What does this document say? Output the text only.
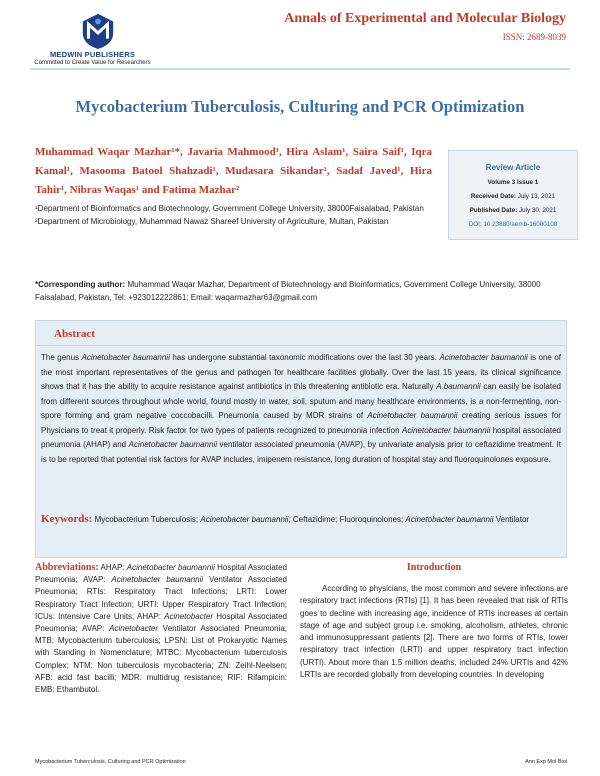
MEDWIN PUBLISHERS
Committed to Create Value for Researchers
Annals of Experimental and Molecular Biology
ISSN: 2689-8039
Mycobacterium Tuberculosis, Culturing and PCR Optimization
Muhammad Waqar Mazhar¹*, Javaria Mahmood¹, Hira Aslam¹, Saira Saif¹, Iqra Kamal¹, Masooma Batool Shahzadi¹, Mudasara Sikandar¹, Sadaf Javed¹, Hira Tahir¹, Nibras Waqas¹ and Fatima Mazhar²

¹Department of Bioinformatics and Biotechnology, Government College University, 38000Faisalabad, Pakistan

²Department of Microbiology, Muhammad Nawaz Shareef University of Agriculture, Multan, Pakistan

Review Article
Volume 3 Issue 1
Received Date: July 13, 2021
Published Date: July 30, 2021
DOI: 10.23880/aemb-16000108
*Corresponding author: Muhammad Waqar Mazhar, Department of Biotechnology and Bioinformatics, Government College University, 38000 Faisalabad, Pakistan, Tel: +923012222861; Email: waqarmazhar63@gmail.com
Abstract
The genus Acinetobacter baumannii has undergone substantial taxonomic modifications over the last 30 years. Acinetobacter baumannii is one of the most important representatives of the genus and pathogen for healthcare facilities globally. Over the last 15 years, its clinical significance shows that it has the ability to acquire resistance against antibiotics in this threatening antibiotic era. Naturally A.baumannii can easily be isolated from different sources throughout whole world, found mostly in water, soil, sputum and many healthcare environments, is a non-fermenting, non-spore forming and gram negative coccobacilli. Pneumonia caused by MDR strains of Acinetobacter baumannii creating serious issues for Physicians to treat it properly. Risk factor for two types of patients recognized to pneumonia infection Acinetobacter baumannii hospital associated pneumonia (AHAP) and Acinetobacter baumannii ventilator associated pneumonia (AVAP), by univariate analysis prior to ceftazidime treatment. It is to be reported that potential risk factors for AVAP includes, imipenem resistance, long duration of hospital stay and fluoroquinolones exposure.
Keywords: Mycobacterium Tuberculosis; Acinetobacter baumannii; Ceftazidime; Fluoroquinolones; Acinetobacter baumannii Ventilator
Abbreviations: AHAP: Acinetobacter baumannii Hospital Associated Pneumonia; AVAP: Acinetobacter baumannii Ventilator Associated Pneumonia; RTIs: Respiratory Tract Infections; LRTI: Lower Respiratory Tract Infection; URTI: Upper Respiratory Tract Infection; ICUs: Intensive Care Units; AHAP: Acinetobacter Hospital Associated Pneumonia; AVAP: Acinetobacter Ventilator Associated Pneumonia; MTB: Mycobacterium tuberculosis; LPSN: List of Prokaryotic Names with Standing in Nomenclature; MTBC: Mycobacterium tuberculosis Complex; NTM: Non tuberculosis mycobacteria; ZN: Zeihl-Neelsen; AFB: acid fast bacilli; MDR: multidrug resistance; RIF: Rifampicin: EMB: Ethambutol.
Introduction
According to physicians, the most common and severe infections are respiratory tract infections (RTIs) [1]. It has been revealed that risk of RTIs goes to decline with increasing age, incidence of RTIs increases at certain stage of age and subject group i.e. smoking, alcoholism, athletes, chronic and immunosuppressant patients [2]. There are two forms of RTIs, lower respiratory tract infection (LRTI) and upper respiratory tract infection (URTI). About more than 1.5 million deaths, included 24% URTIs and 42% LRTIs are recorded globally from developing countries. In developing
Mycobacterium Tuberculosis, Culturing and PCR Optimization	Ann Exp Mol Biol
